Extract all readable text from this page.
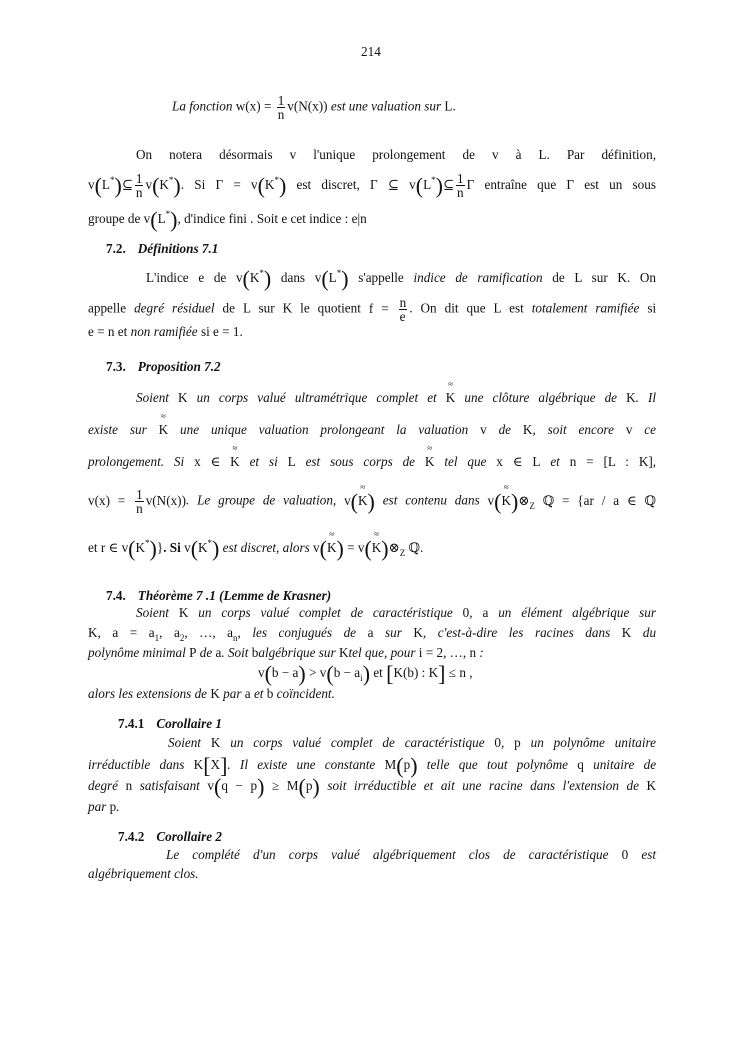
214
La fonction $w(x) = \frac{1}{n} v(N(x))$ est une valuation sur L.
On notera désormais v l'unique prolongement de v à L. Par définition,
v(L*)⊆ $\frac{1}{n} v(K^*)$. Si Γ = v(K*) est discret, Γ ⊆ v(L*)⊆ $\frac{1}{n}$ Γ entraîne que Γ est un sous
groupe de v(L*), d'indice fini . Soit e cet indice : e|n
7.2. Définitions 7.1
L'indice e de v(K*) dans v(L*) s'appelle indice de ramification de L sur K. On
appelle degré résiduel de L sur K le quotient $f = \frac{n}{e}$ . On dit que L est totalement ramifiée si
e = n et non ramifiée si e = 1.
7.3. Proposition 7.2
Soient K un corps valué ultramétrique complet et ≈ K une clôture algébrique de K. Il
existe sur ≈ K une unique valuation prolongeant la valuation v de K, soit encore v ce
prolongement. Si x ∈ ≈ K et si L est sous corps de ≈ K tel que x ∈ L et n = [L : K],
$v(x) = \frac{1}{n} v(N(x))$. Le groupe de valuation, v(≈ K) est contenu dans $v(\approx K)\otimes_Z$ ℚ = {ar / a ∈ ℚ
et r ∈ v(K*)}. Si v(K*) est discret, alors $v(\approx K) = v(\approx K)\otimes_Z$ ℚ.
7.4. Théorème 7 .1 (Lemme de Krasner)
Soient K un corps valué complet de caractéristique 0, a un élément algébrique sur
K, $a = a_1$, $a_2$, …, $a_n$, les conjugués de a sur K, c'est-à-dire les racines dans K du
polynôme minimal P de a. Soit balgébrique sur Ktel que, pour i = 2, …, n :
$v(b - a) > v(b - a_i)$ et [K(b) : K] ≤ n ,
alors les extensions de K par a et b coïncident.
7.4.1 Corollaire 1
Soient K un corps valué complet de caractéristique 0, p un polynôme unitaire
irréductible dans K[X]. Il existe une constante M(p) telle que tout polynôme q unitaire de
degré n satisfaisant v(q − p) ≥ M(p) soit irréductible et ait une racine dans l'extension de K
par p.
7.4.2 Corollaire 2
Le complété d'un corps valué algébriquement clos de caractéristique 0 est
algébriquement clos.
